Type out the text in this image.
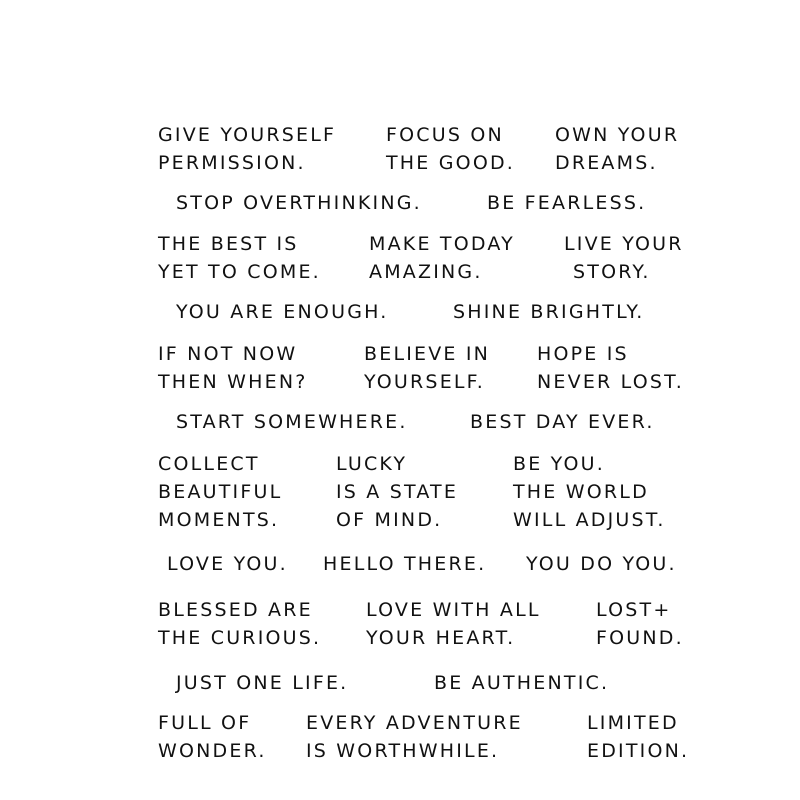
GIVE YOURSELF
PERMISSION.
FOCUS ON
THE GOOD.
OWN YOUR
DREAMS.
STOP OVERTHINKING.	BE FEARLESS.
THE BEST IS
YET TO COME.
MAKE TODAY
AMAZING.
LIVE YOUR
STORY.
YOU ARE ENOUGH.	SHINE BRIGHTLY.
IF NOT NOW
THEN WHEN?
BELIEVE IN
YOURSELF.
HOPE IS
NEVER LOST.
START SOMEWHERE.	BEST DAY EVER.
COLLECT
BEAUTIFUL
MOMENTS.
LUCKY
IS A STATE
OF MIND.
BE YOU.
THE WORLD
WILL ADJUST.
LOVE YOU. HELLO THERE. YOU DO YOU.
BLESSED ARE
THE CURIOUS.
LOVE WITH ALL
YOUR HEART.
LOST+
FOUND.
JUST ONE LIFE.	BE AUTHENTIC.
FULL OF
WONDER.
EVERY ADVENTURE
IS WORTHWHILE.
LIMITED
EDITION.
